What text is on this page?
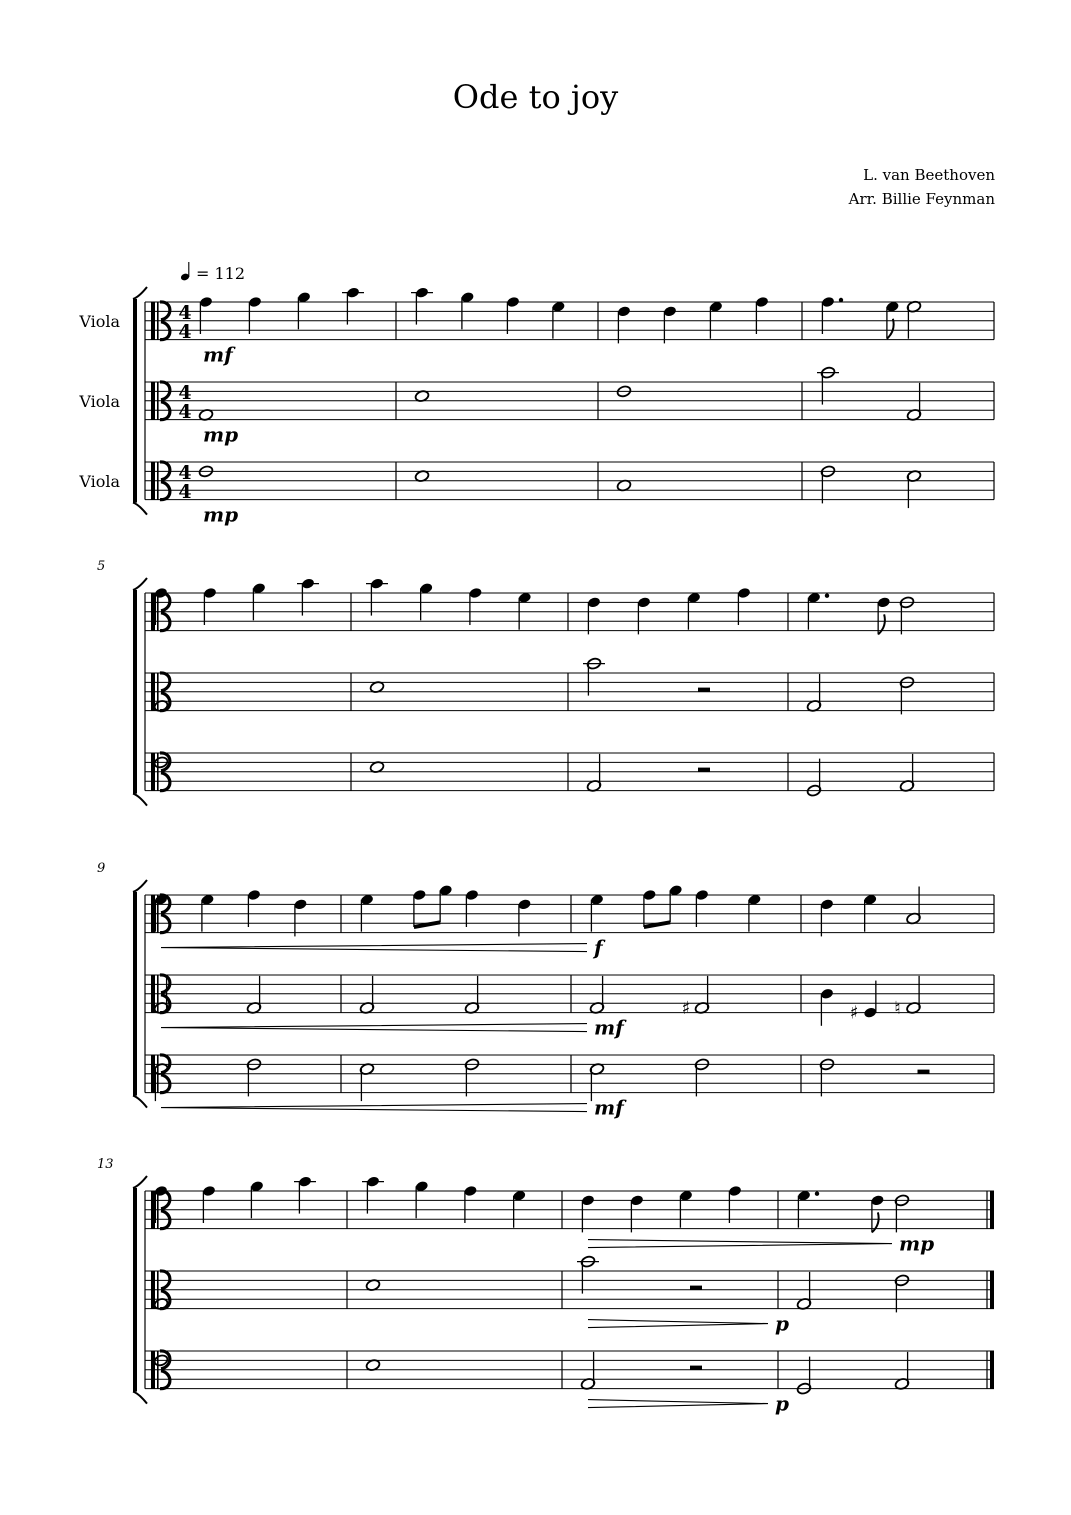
Ode to joy
L. van Beethoven
Arr. Billie Feynman
Viola	4
4
mf
Viola	4
4
mp
Viola	4
4
mp
5
9
f
♯	♯ ♮
mf
mf
13
mp
p
p
= 112
